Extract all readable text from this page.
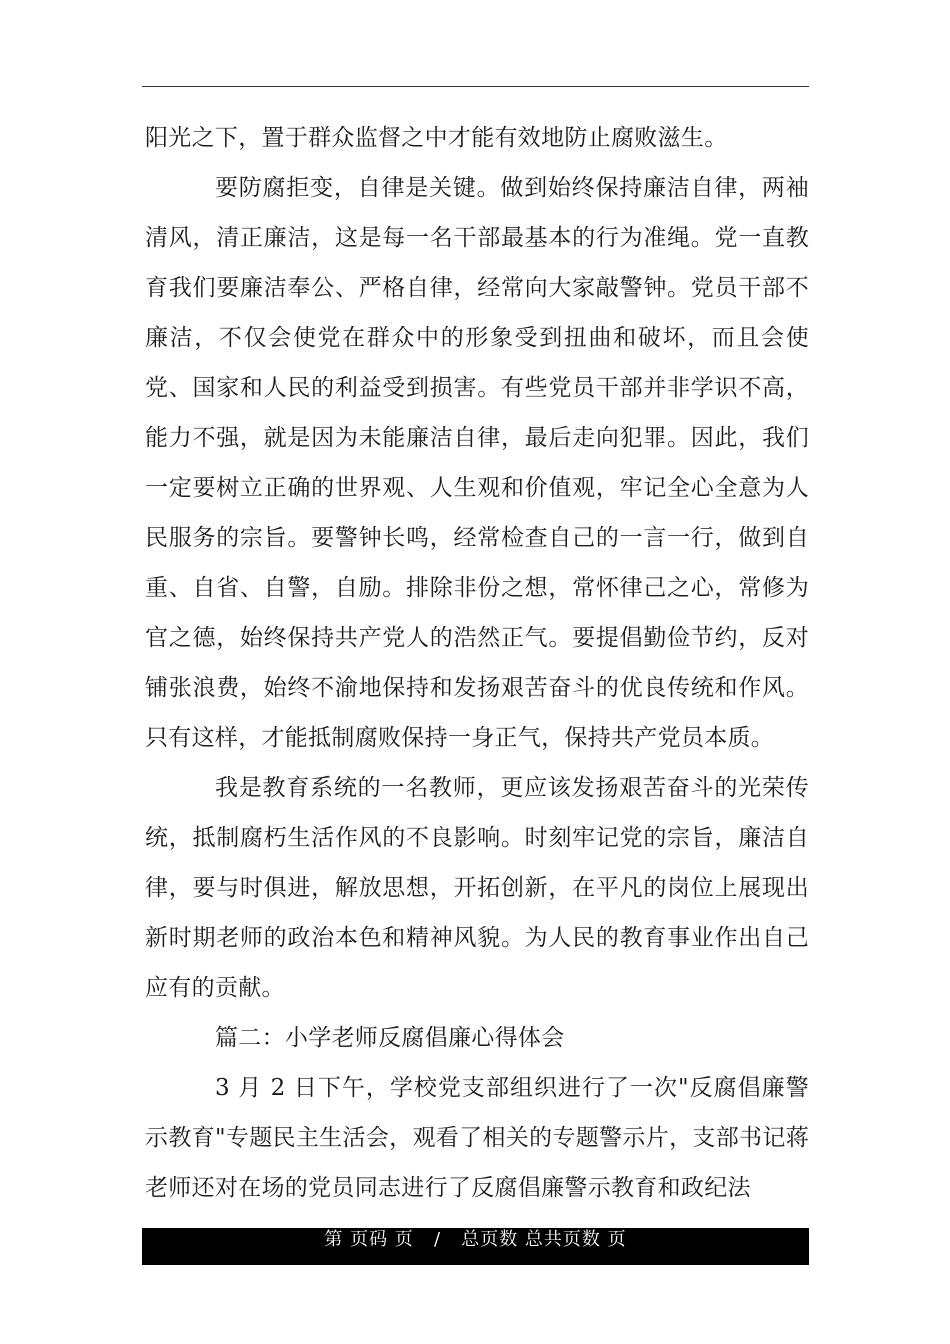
阳光之下，置于群众监督之中才能有效地防止腐败滋生。

要防腐拒变，自律是关键。做到始终保持廉洁自律，两袖清风，清正廉洁，这是每一名干部最基本的行为准绳。党一直教育我们要廉洁奉公、严格自律，经常向大家敲警钟。党员干部不廉洁，不仅会使党在群众中的形象受到扭曲和破坏，而且会使党、国家和人民的利益受到损害。有些党员干部并非学识不高，能力不强，就是因为未能廉洁自律，最后走向犯罪。因此，我们一定要树立正确的世界观、人生观和价值观，牢记全心全意为人民服务的宗旨。要警钟长鸣，经常检查自己的一言一行，做到自重、自省、自警，自励。排除非份之想，常怀律己之心，常修为官之德，始终保持共产党人的浩然正气。要提倡勤俭节约，反对铺张浪费，始终不渝地保持和发扬艰苦奋斗的优良传统和作风。只有这样，才能抵制腐败保持一身正气，保持共产党员本质。

我是教育系统的一名教师，更应该发扬艰苦奋斗的光荣传统，抵制腐朽生活作风的不良影响。时刻牢记党的宗旨，廉洁自律，要与时俱进，解放思想，开拓创新，在平凡的岗位上展现出新时期老师的政治本色和精神风貌。为人民的教育事业作出自己应有的贡献。

篇二：小学老师反腐倡廉心得体会

3 月 2 日下午，学校党支部组织进行了一次"反腐倡廉警示教育"专题民主生活会，观看了相关的专题警示片，支部书记蒋老师还对在场的党员同志进行了反腐倡廉警示教育和政纪法

第 页码 页   /   总页数 总共页数 页
